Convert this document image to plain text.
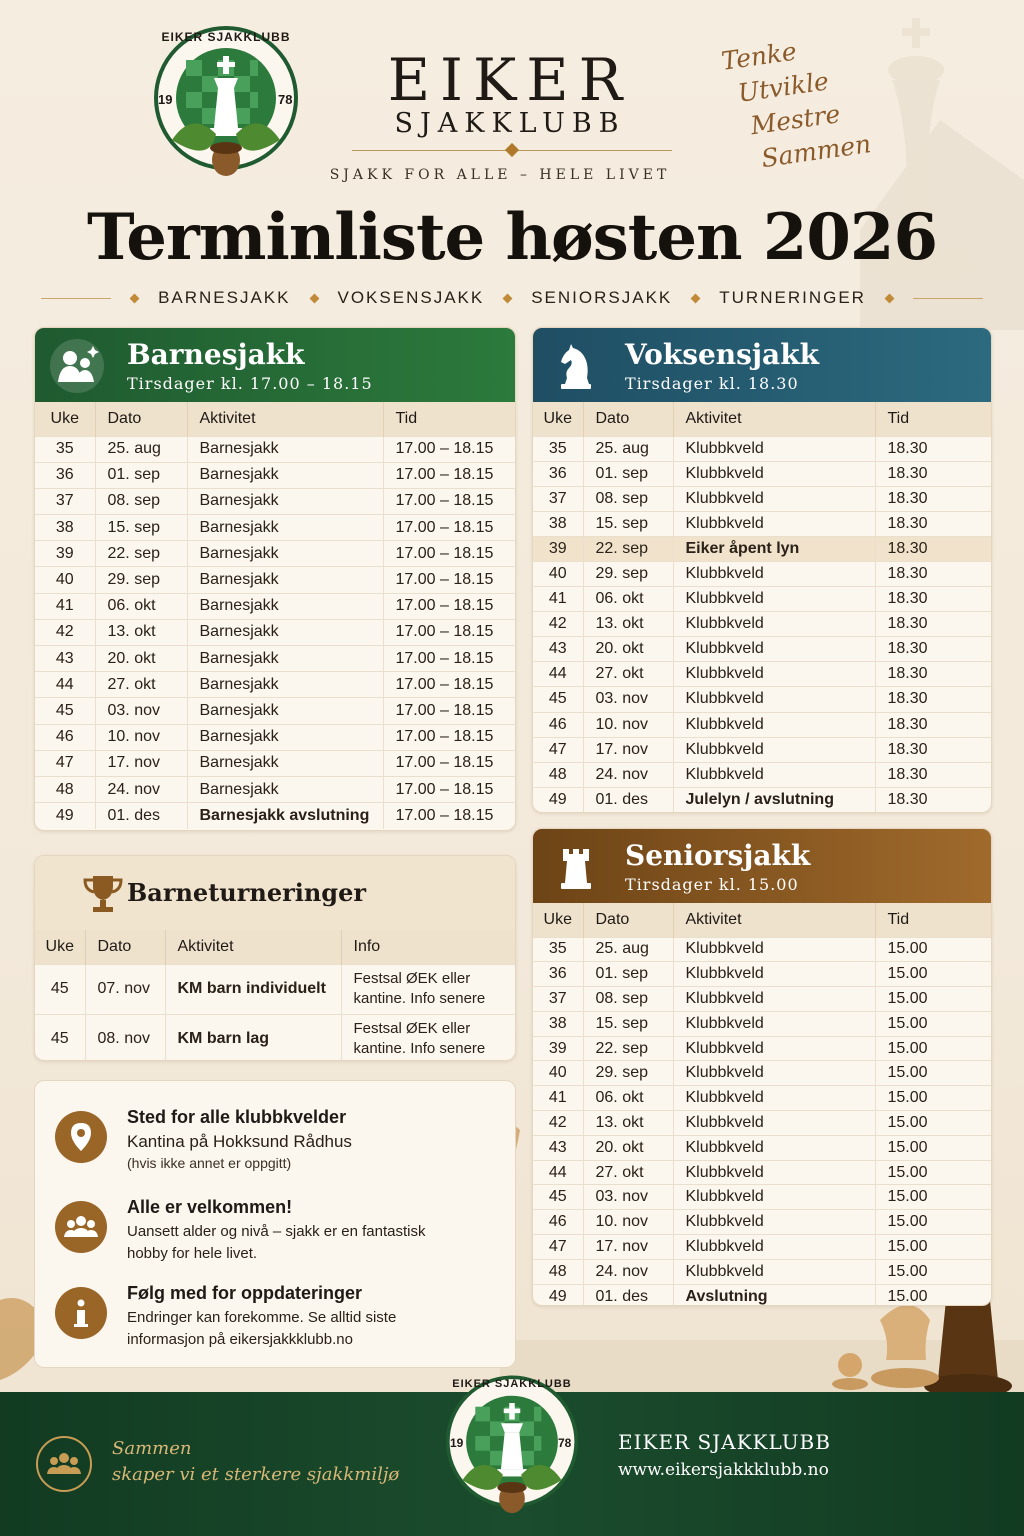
EIKER SJAKKLUBB
19	78	EIKER
SJAKKLUBB
SJAKK FOR ALLE – HELE LIVET
Tenke
Utvikle
Mestre
Sammen
Terminliste høsten 2026
BARNESJAKK	VOKSENSJAKK	SENIORSJAKK	TURNERINGER
Barnesjakk
Tirsdager kl. 17.00 – 18.15
Uke	Dato	Aktivitet	Tid
35	25. aug	Barnesjakk	17.00 – 18.15
36	01. sep	Barnesjakk	17.00 – 18.15
37	08. sep	Barnesjakk	17.00 – 18.15
38	15. sep	Barnesjakk	17.00 – 18.15
39	22. sep	Barnesjakk	17.00 – 18.15
40	29. sep	Barnesjakk	17.00 – 18.15
41	06. okt	Barnesjakk	17.00 – 18.15
42	13. okt	Barnesjakk	17.00 – 18.15
43	20. okt	Barnesjakk	17.00 – 18.15
44	27. okt	Barnesjakk	17.00 – 18.15
45	03. nov	Barnesjakk	17.00 – 18.15
46	10. nov	Barnesjakk	17.00 – 18.15
47	17. nov	Barnesjakk	17.00 – 18.15
48	24. nov	Barnesjakk	17.00 – 18.15
49	01. des	Barnesjakk avslutning	17.00 – 18.15
Barneturneringer
Uke	Dato	Aktivitet	Info
45	07. nov	KM barn individuelt	Festsal ØEK eller kantine. Info senere
45	08. nov	KM barn lag	Festsal ØEK eller kantine. Info senere
Sted for alle klubbkvelder
Kantina på Hokksund Rådhus
(hvis ikke annet er oppgitt)
Alle er velkommen!
Uansett alder og nivå – sjakk er en fantastisk hobby for hele livet.
Følg med for oppdateringer
Endringer kan forekomme. Se alltid siste informasjon på eikersjakkklubb.no
Voksensjakk
Tirsdager kl. 18.30
Uke	Dato	Aktivitet	Tid
35	25. aug	Klubbkveld	18.30
36	01. sep	Klubbkveld	18.30
37	08. sep	Klubbkveld	18.30
38	15. sep	Klubbkveld	18.30
39	22. sep	Eiker åpent lyn	18.30
40	29. sep	Klubbkveld	18.30
41	06. okt	Klubbkveld	18.30
42	13. okt	Klubbkveld	18.30
43	20. okt	Klubbkveld	18.30
44	27. okt	Klubbkveld	18.30
45	03. nov	Klubbkveld	18.30
46	10. nov	Klubbkveld	18.30
47	17. nov	Klubbkveld	18.30
48	24. nov	Klubbkveld	18.30
49	01. des	Julelyn / avslutning	18.30
Seniorsjakk
Tirsdager kl. 15.00
Uke	Dato	Aktivitet	Tid
35	25. aug	Klubbkveld	15.00
36	01. sep	Klubbkveld	15.00
37	08. sep	Klubbkveld	15.00
38	15. sep	Klubbkveld	15.00
39	22. sep	Klubbkveld	15.00
40	29. sep	Klubbkveld	15.00
41	06. okt	Klubbkveld	15.00
42	13. okt	Klubbkveld	15.00
43	20. okt	Klubbkveld	15.00
44	27. okt	Klubbkveld	15.00
45	03. nov	Klubbkveld	15.00
46	10. nov	Klubbkveld	15.00
47	17. nov	Klubbkveld	15.00
48	24. nov	Klubbkveld	15.00
49	01. des	Avslutning	15.00
Sammen
skaper vi et sterkere sjakkmiljø
EIKER SJAKKLUBB
www.eikersjakkklubb.no
EIKER SJAKKLUBB
19	78
